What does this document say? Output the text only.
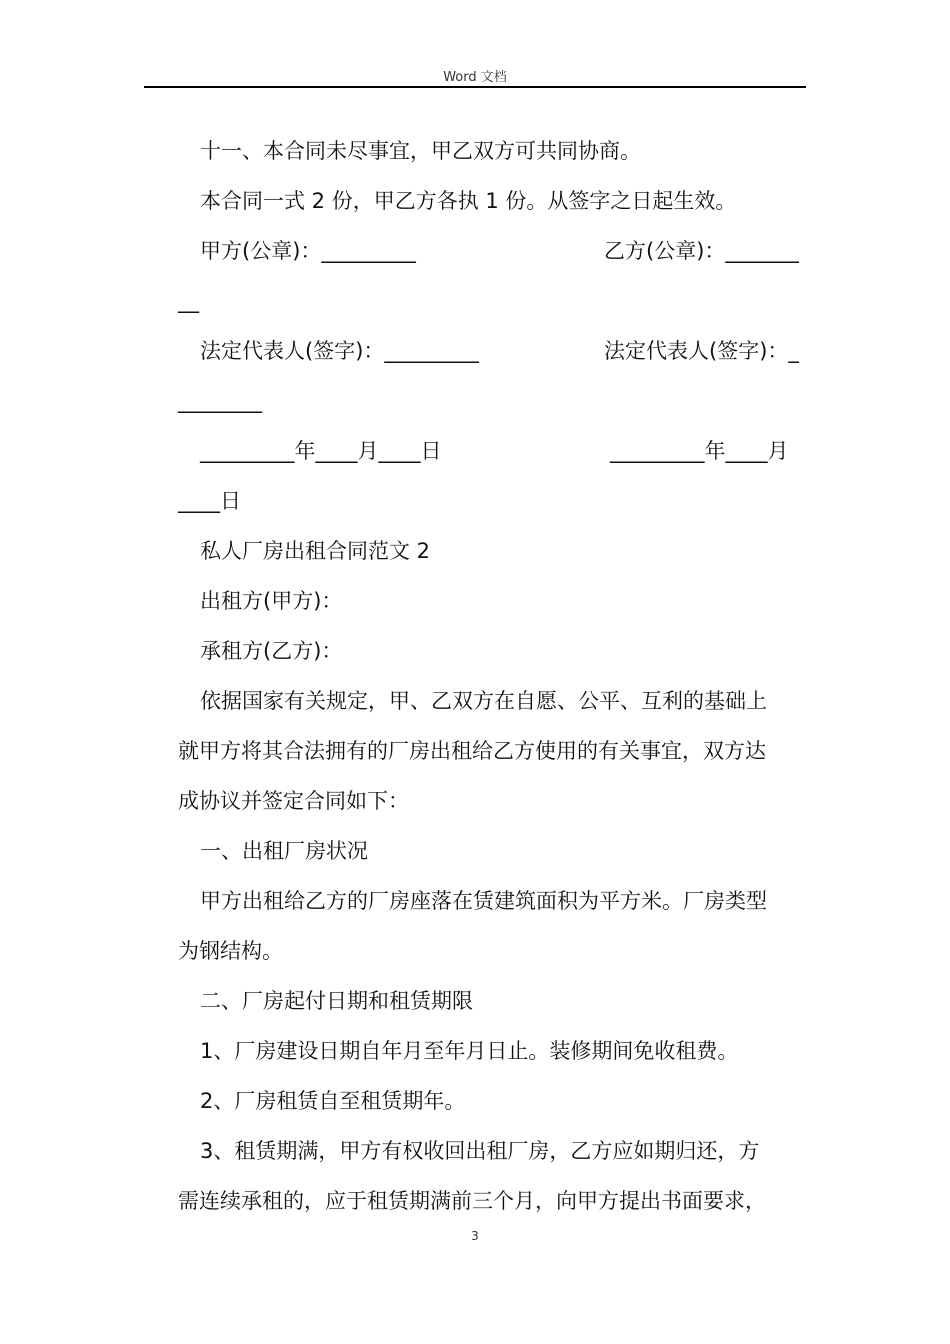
Word 文档
十一、本合同未尽事宜，甲乙双方可共同协商。
本合同一式 2 份，甲乙方各执 1 份。从签字之日起生效。
甲方(公章)：_________	乙方(公章)：_______
__
法定代表人(签字)：_________	法定代表人(签字)：_
________
_________年____月____日	_________年____月
____日
私人厂房出租合同范文 2
出租方(甲方)：
承租方(乙方)：
依据国家有关规定，甲、乙双方在自愿、公平、互利的基础上
就甲方将其合法拥有的厂房出租给乙方使用的有关事宜，双方达
成协议并签定合同如下：
一、出租厂房状况
甲方出租给乙方的厂房座落在赁建筑面积为平方米。厂房类型
为钢结构。
二、厂房起付日期和租赁期限
1、厂房建设日期自年月至年月日止。装修期间免收租费。
2、厂房租赁自至租赁期年。
3、租赁期满，甲方有权收回出租厂房，乙方应如期归还，方
需连续承租的，应于租赁期满前三个月，向甲方提出书面要求，
3
